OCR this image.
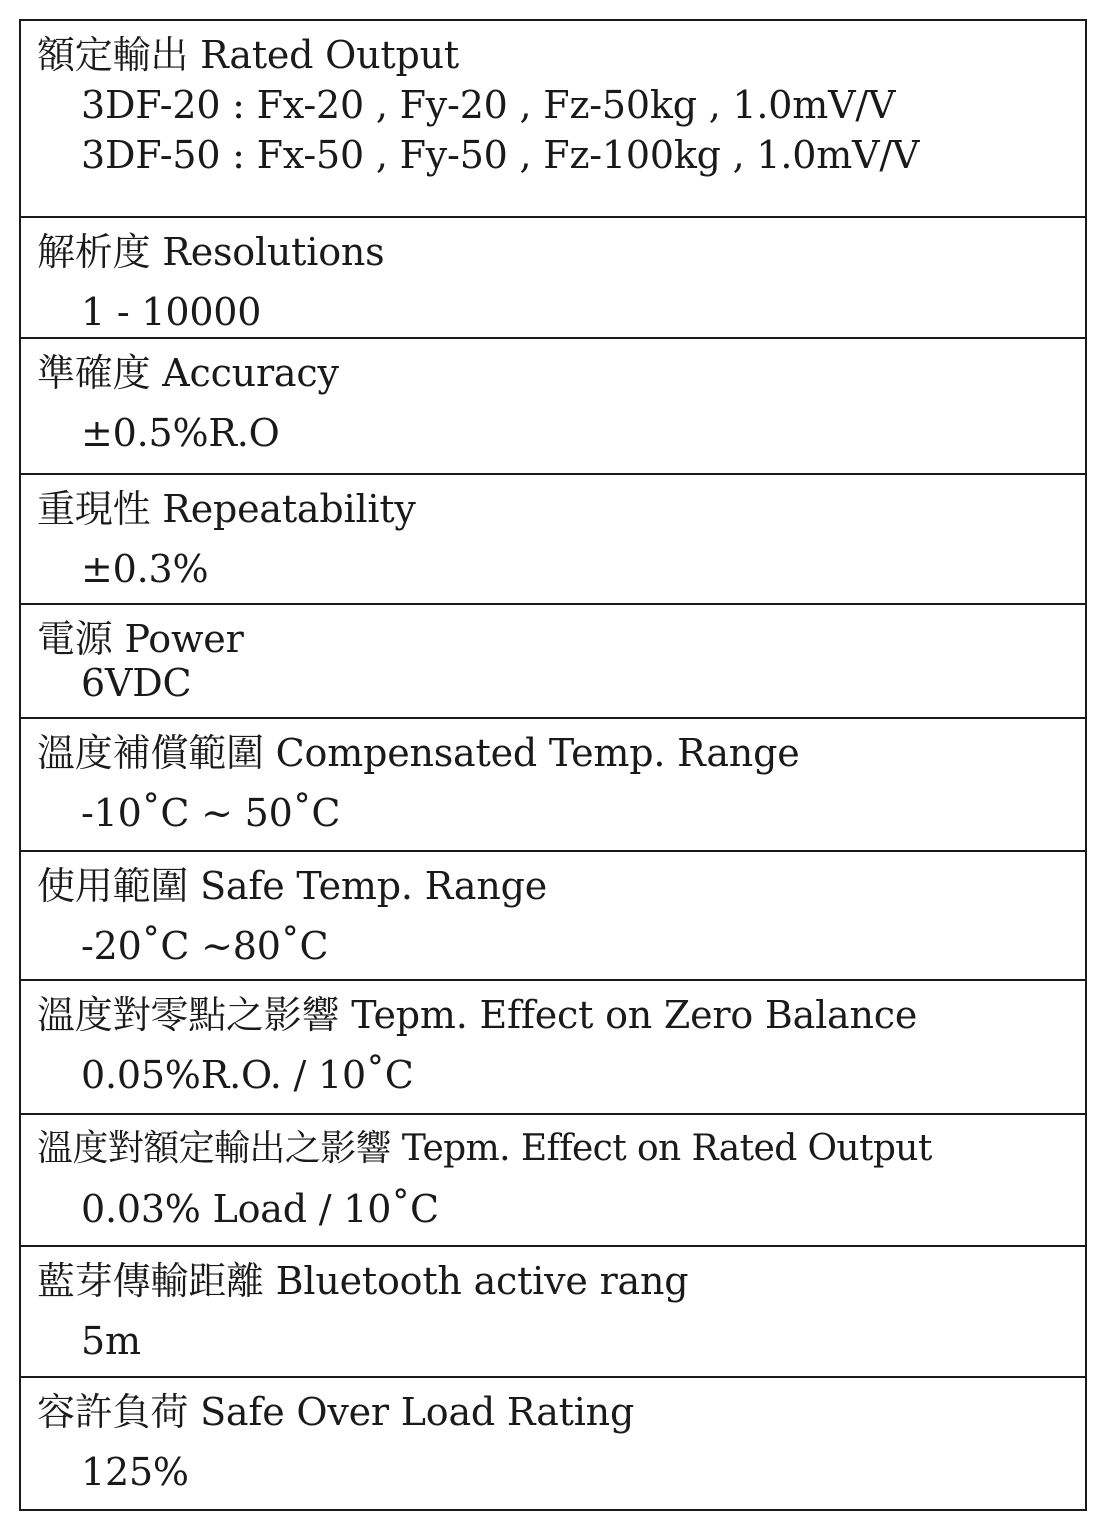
額定輸出 Rated Output
3DF-20 : Fx-20 , Fy-20 , Fz-50kg , 1.0mV/V
3DF-50 : Fx-50 , Fy-50 , Fz-100kg , 1.0mV/V
解析度 Resolutions
1 - 10000
準確度 Accuracy
±0.5%R.O
重現性 Repeatability
±0.3%
電源 Power
6VDC
溫度補償範圍 Compensated Temp. Range
-10˚C ~ 50˚C
使用範圍 Safe Temp. Range
-20˚C ~80˚C
溫度對零點之影響 Tepm. Effect on Zero Balance
0.05%R.O. / 10˚C
溫度對額定輸出之影響 Tepm. Effect on Rated Output
0.03% Load / 10˚C
藍芽傳輸距離 Bluetooth active rang
5m
容許負荷 Safe Over Load Rating
125%
